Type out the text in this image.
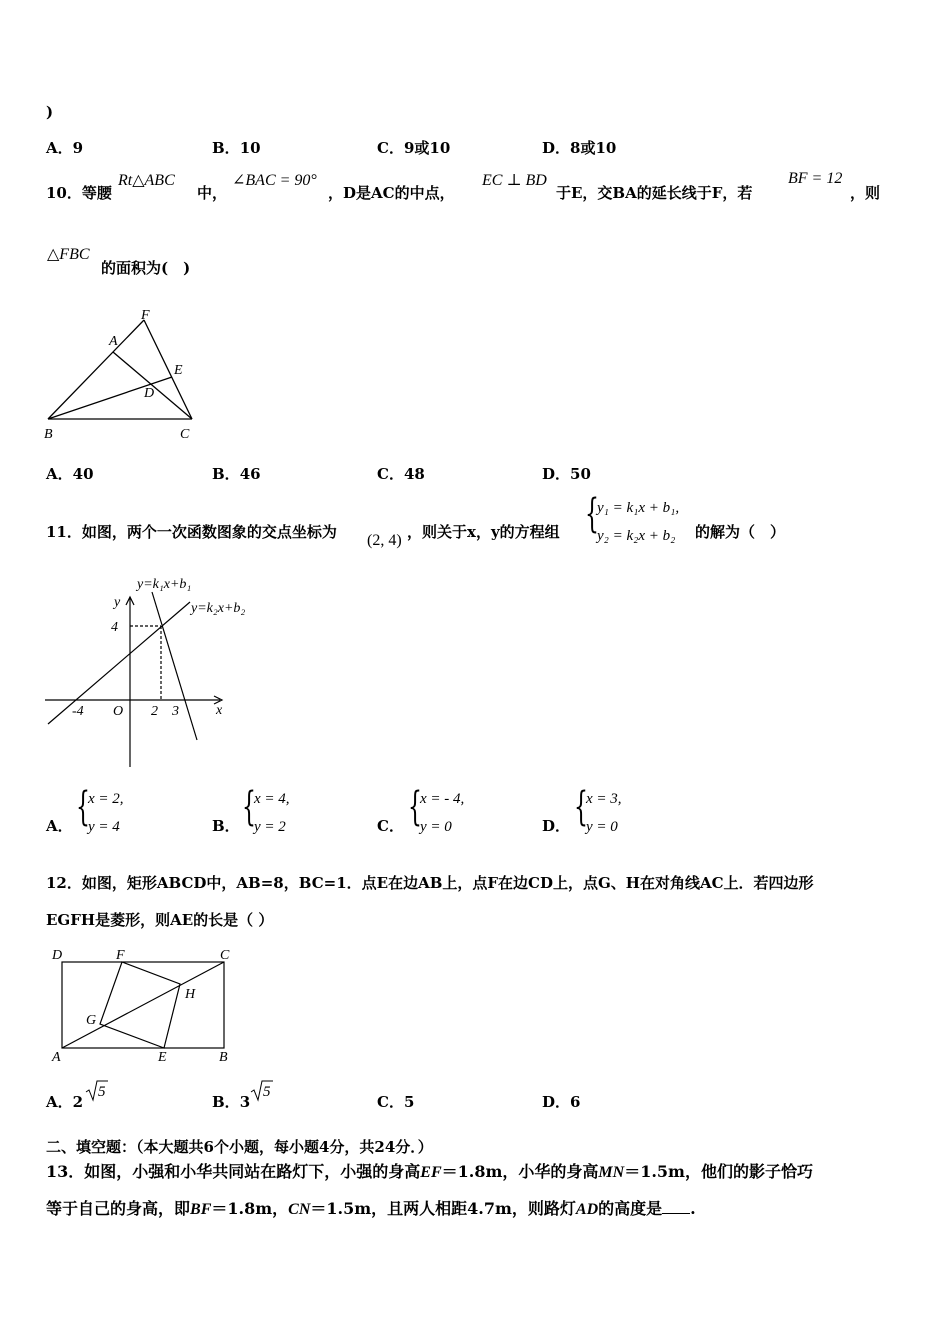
)
A．9	B．10	C．9或10	D．8或10
10．等腰
Rt△ABC
中，
∠BAC = 90°
，D是AC的中点，
EC ⊥ BD
于E，交BA的延长线于F，若
BF = 12
，则
△FBC
的面积为(　)
F
A
E
D
B	C
A．40	B．46	C．48	D．50
11．如图，两个一次函数图象的交点坐标为 (2, 4) ，则关于x，y的方程组 {
y₁ = k₁x + b₁,
y₂ = k₂x + b₂ 的解为（　）
y=k₁x+b₁
y=k₂x+b₂
y
x
O
4
-4	2 3
A． {
x = 2,
y = 4	B． {
x = 4,
y = 2	C． {
x = - 4,
y = 0	D． {
x = 3,
y = 0
12．如图，矩形ABCD中，AB=8，BC=1．点E在边AB上，点F在边CD上，点G、H在对角线AC上．若四边形
EGFH是菱形，则AE的长是（ ）
D	F	C
H
G
A	E	B
A．2
5
B．3
5
C．5	D．6
二、填空题：（本大题共6个小题，每小题4分，共24分．）
13．如图，小强和小华共同站在路灯下，小强的身高EF＝1.8m，小华的身高MN＝1.5m，他们的影子恰巧
等于自己的身高，即BF＝1.8m，CN＝1.5m，且两人相距4.7m，则路灯AD的高度是 .
